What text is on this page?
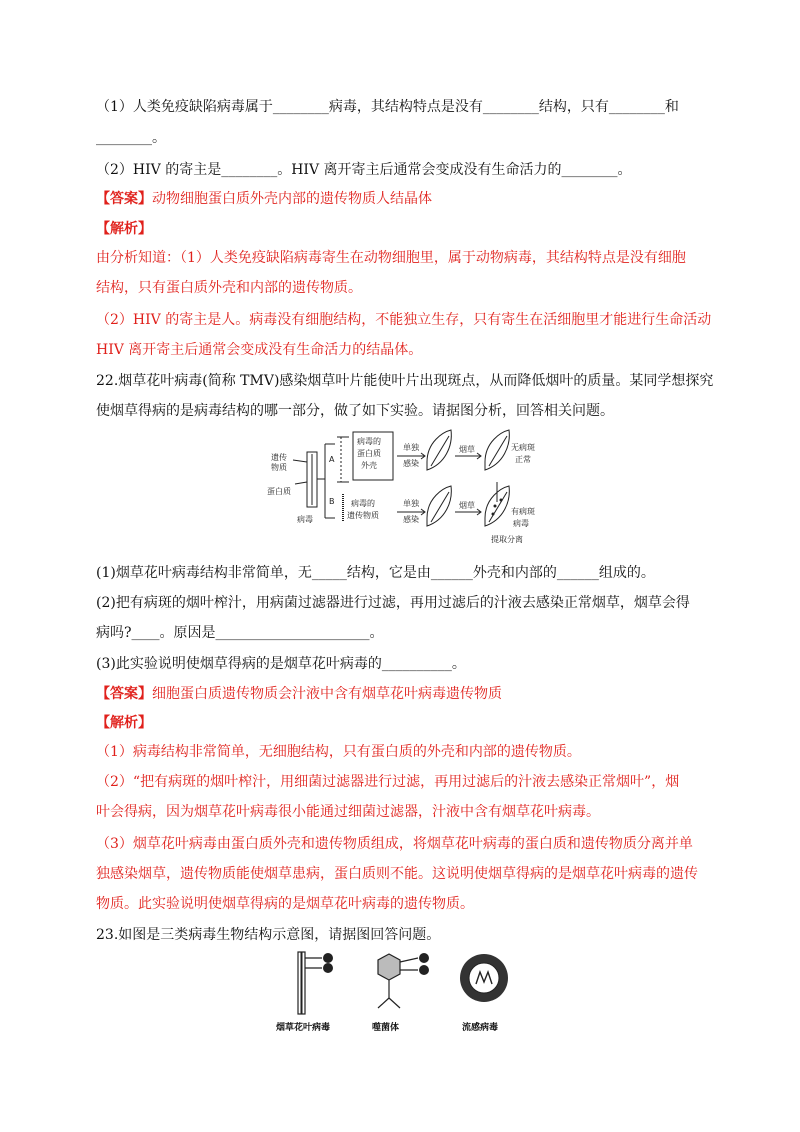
（1）人类免疫缺陷病毒属于________病毒，其结构特点是没有________结构，只有________和
________。
（2）HIV 的寄主是________。HIV 离开寄主后通常会变成没有生命活力的________。
【答案】动物细胞蛋白质外壳内部的遗传物质人结晶体
【解析】
由分析知道：（1）人类免疫缺陷病毒寄生在动物细胞里，属于动物病毒，其结构特点是没有细胞
结构，只有蛋白质外壳和内部的遗传物质。
（2）HIV 的寄主是人。病毒没有细胞结构，不能独立生存，只有寄生在活细胞里才能进行生命活动
HIV 离开寄主后通常会变成没有生命活力的结晶体。
22.烟草花叶病毒(简称 TMV)感染烟草叶片能使叶片出现斑点，从而降低烟叶的质量。某同学想探究
使烟草得病的是病毒结构的哪一部分，做了如下实验。请据图分析，回答相关问题。
遗传
物质
蛋白质
病毒
A
B
病毒的
蛋白质
外壳
病毒的
遗传物质
单独
感染
单独
感染
烟草
烟草
无病斑
正常
有病斑
病毒
提取分离
(1)烟草花叶病毒结构非常简单，无_____结构，它是由______外壳和内部的______组成的。
(2)把有病斑的烟叶榨汁，用病菌过滤器进行过滤，再用过滤后的汁液去感染正常烟草，烟草会得
病吗?____。原因是______________________。
(3)此实验说明使烟草得病的是烟草花叶病毒的__________。
【答案】细胞蛋白质遗传物质会汁液中含有烟草花叶病毒遗传物质
【解析】
（1）病毒结构非常简单，无细胞结构，只有蛋白质的外壳和内部的遗传物质。
（2）“把有病斑的烟叶榨汁，用细菌过滤器进行过滤，再用过滤后的汁液去感染正常烟叶”，烟
叶会得病，因为烟草花叶病毒很小能通过细菌过滤器，汁液中含有烟草花叶病毒。
（3）烟草花叶病毒由蛋白质外壳和遗传物质组成，将烟草花叶病毒的蛋白质和遗传物质分离并单
独感染烟草，遗传物质能使烟草患病，蛋白质则不能。这说明使烟草得病的是烟草花叶病毒的遗传
物质。此实验说明使烟草得病的是烟草花叶病毒的遗传物质。
23.如图是三类病毒生物结构示意图，请据图回答问题。
烟草花叶病毒	噬菌体	流感病毒
